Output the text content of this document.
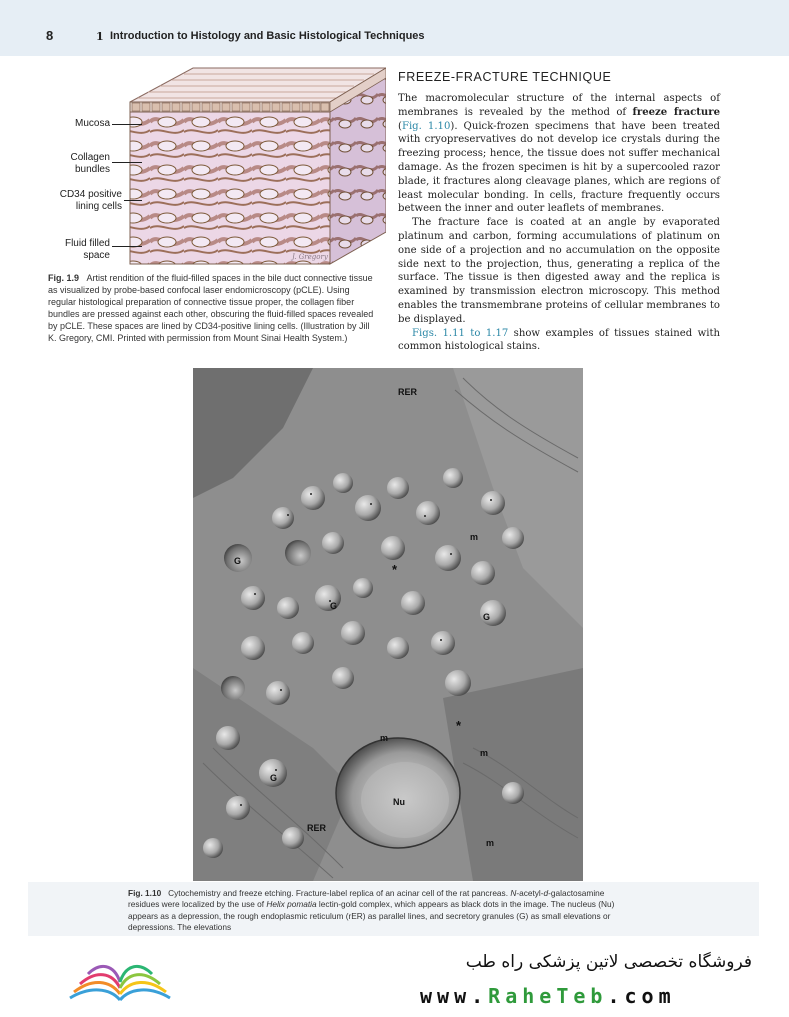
8	1 Introduction to Histology and Basic Histological Techniques
Mucosa
Collagen
bundles
CD34 positive
lining cells
Fluid filled
space	J. Gregory
Fig. 1.9 Artist rendition of the fluid-filled spaces in the bile duct connective tissue as visualized by probe-based confocal laser endomicroscopy (pCLE). Using regular histological preparation of connective tissue proper, the collagen fiber bundles are pressed against each other, obscuring the fluid-filled spaces revealed by pCLE. These spaces are lined by CD34-positive lining cells. (Illustration by Jill K. Gregory, CMI. Printed with permission from Mount Sinai Health System.)
FREEZE-FRACTURE TECHNIQUE

The macromolecular structure of the internal aspects of membranes is revealed by the method of freeze fracture (Fig. 1.10). Quick-frozen specimens that have been treated with cryopreservatives do not develop ice crystals during the freezing process; hence, the tissue does not suffer mechanical damage. As the frozen specimen is hit by a supercooled razor blade, it fractures along cleavage planes, which are regions of least molecular bonding. In cells, fracture frequently occurs between the inner and outer leaflets of membranes.

The fracture face is coated at an angle by evaporated platinum and carbon, forming accumulations of platinum on one side of a projection and no accumulation on the opposite side next to the projection, thus, generating a replica of the surface. The tissue is then digested away and the replica is examined by transmission electron microscopy. This method enables the transmembrane proteins of cellular membranes to be displayed.

Figs. 1.11 to 1.17 show examples of tissues stained with common histological stains.

RER
m
G
*
G
G
*
m
G
Nu
RER
m
m
Fig. 1.10 Cytochemistry and freeze etching. Fracture-label replica of an acinar cell of the rat pancreas. N-acetyl-d-galactosamine residues were localized by the use of Helix pomatia lectin-gold complex, which appears as black dots in the image. The nucleus (Nu) appears as a depression, the rough endoplasmic reticulum (rER) as parallel lines, and secretory granules (G) as small elevations or depressions. The elevations
فروشگاه تخصصی لاتین پزشکی راه طب
www.RaheTeb.com
